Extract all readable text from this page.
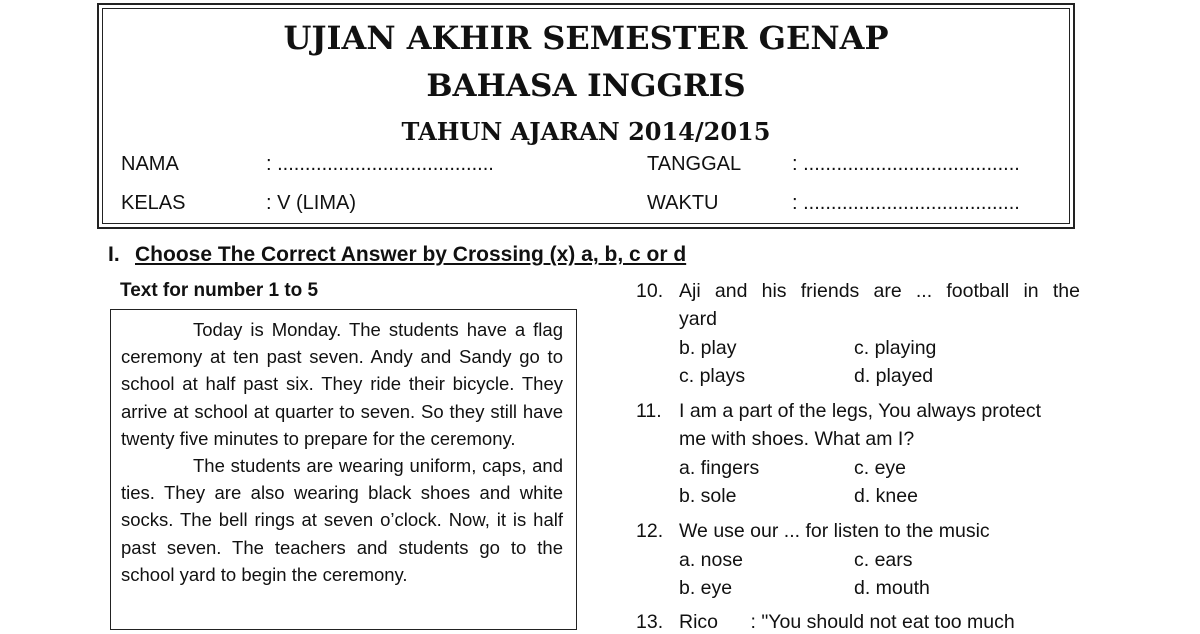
UJIAN AKHIR SEMESTER GENAP
BAHASA INGGRIS
TAHUN AJARAN 2014/2015
NAMA	: .......................................
KELAS	: V (LIMA)
TANGGAL	: .......................................
WAKTU	: .......................................
I. Choose The Correct Answer by Crossing (x) a, b, c or d
Text for number 1 to 5

Today is Monday. The students have a flag ceremony at ten past seven. Andy and Sandy go to school at half past six. They ride their bicycle. They arrive at school at quarter to seven. So they still have twenty five minutes to prepare for the ceremony.

The students are wearing uniform, caps, and ties. They are also wearing black shoes and white socks. The bell rings at seven o’clock. Now, it is half past seven. The teachers and students go to the school yard to begin the ceremony.

10. Aji and his friends are ... football in the
yard
b. play	c. playing
c. plays	d. played
11. I am a part of the legs, You always protect
me with shoes. What am I?
a. fingers	c. eye
b. sole	d. knee
12. We use our ... for listen to the music
a. nose	c. ears
b. eye	d. mouth
13. Rico      : "You should not eat too much
